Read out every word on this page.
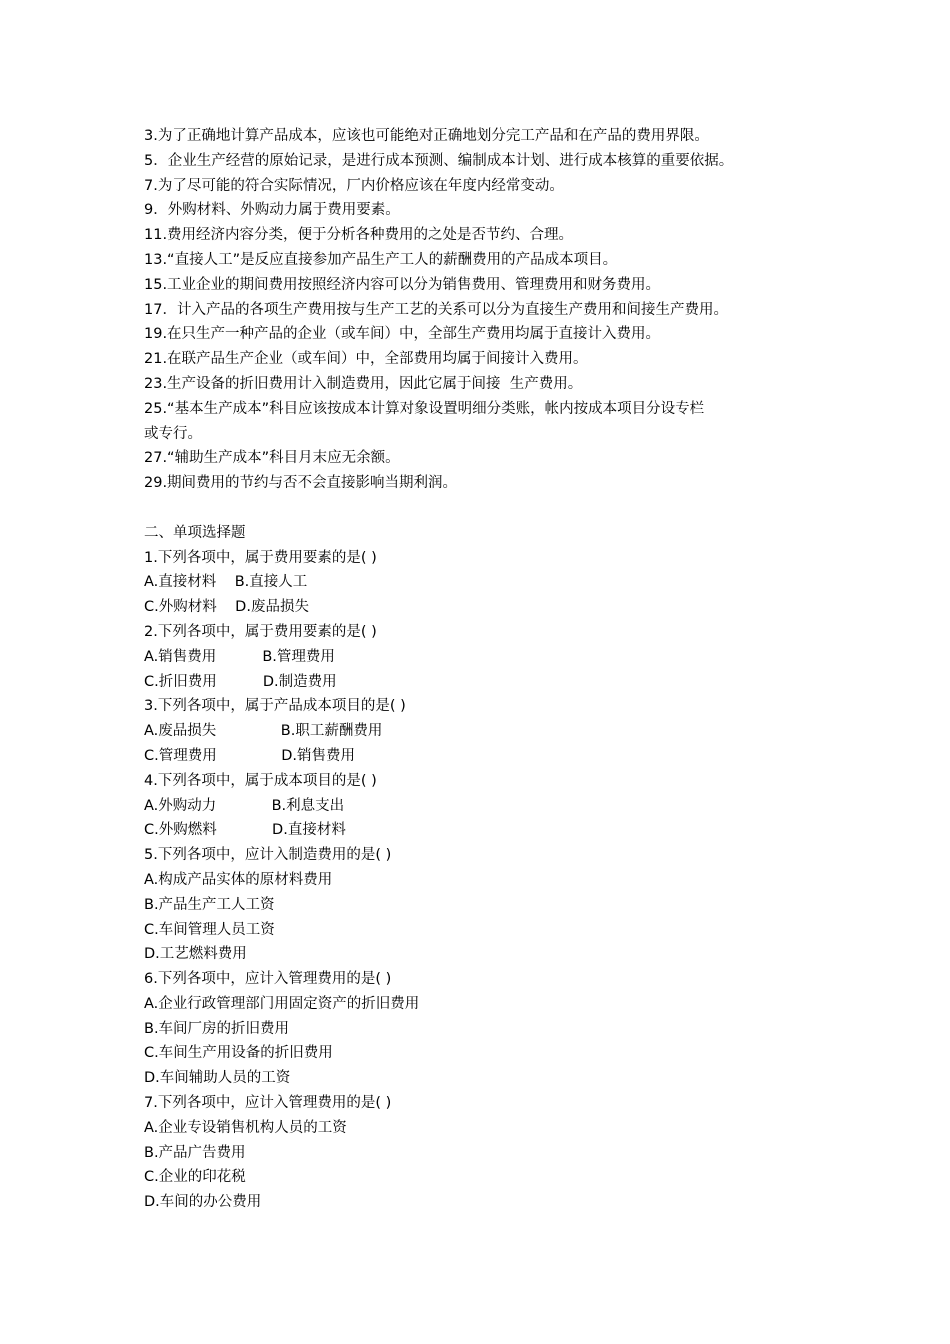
3.为了正确地计算产品成本，应该也可能绝对正确地划分完工产品和在产品的费用界限。
5．企业生产经营的原始记录，是进行成本预测、编制成本计划、进行成本核算的重要依据。
7.为了尽可能的符合实际情况，厂内价格应该在年度内经常变动。
9．外购材料、外购动力属于费用要素。
11.费用经济内容分类，便于分析各种费用的之处是否节约、合理。
13.“直接人工”是反应直接参加产品生产工人的薪酬费用的产品成本项目。
15.工业企业的期间费用按照经济内容可以分为销售费用、管理费用和财务费用。
17．计入产品的各项生产费用按与生产工艺的关系可以分为直接生产费用和间接生产费用。
19.在只生产一种产品的企业（或车间）中，全部生产费用均属于直接计入费用。
21.在联产品生产企业（或车间）中，全部费用均属于间接计入费用。
23.生产设备的折旧费用计入制造费用，因此它属于间接  生产费用。
25.“基本生产成本”科目应该按成本计算对象设置明细分类账，帐内按成本项目分设专栏
或专行。
27.“辅助生产成本”科目月末应无余额。
29.期间费用的节约与否不会直接影响当期利润。
二、单项选择题
1.下列各项中，属于费用要素的是( )
A.直接材料    B.直接人工
C.外购材料    D.废品损失
2.下列各项中，属于费用要素的是( )
A.销售费用          B.管理费用
C.折旧费用          D.制造费用
3.下列各项中，属于产品成本项目的是( )
A.废品损失              B.职工薪酬费用
C.管理费用              D.销售费用
4.下列各项中，属于成本项目的是( )
A.外购动力            B.利息支出
C.外购燃料            D.直接材料
5.下列各项中，应计入制造费用的是( )
A.构成产品实体的原材料费用
B.产品生产工人工资
C.车间管理人员工资
D.工艺燃料费用
6.下列各项中，应计入管理费用的是( )
A.企业行政管理部门用固定资产的折旧费用
B.车间厂房的折旧费用
C.车间生产用设备的折旧费用
D.车间辅助人员的工资
7.下列各项中，应计入管理费用的是( )
A.企业专设销售机构人员的工资
B.产品广告费用
C.企业的印花税
D.车间的办公费用
